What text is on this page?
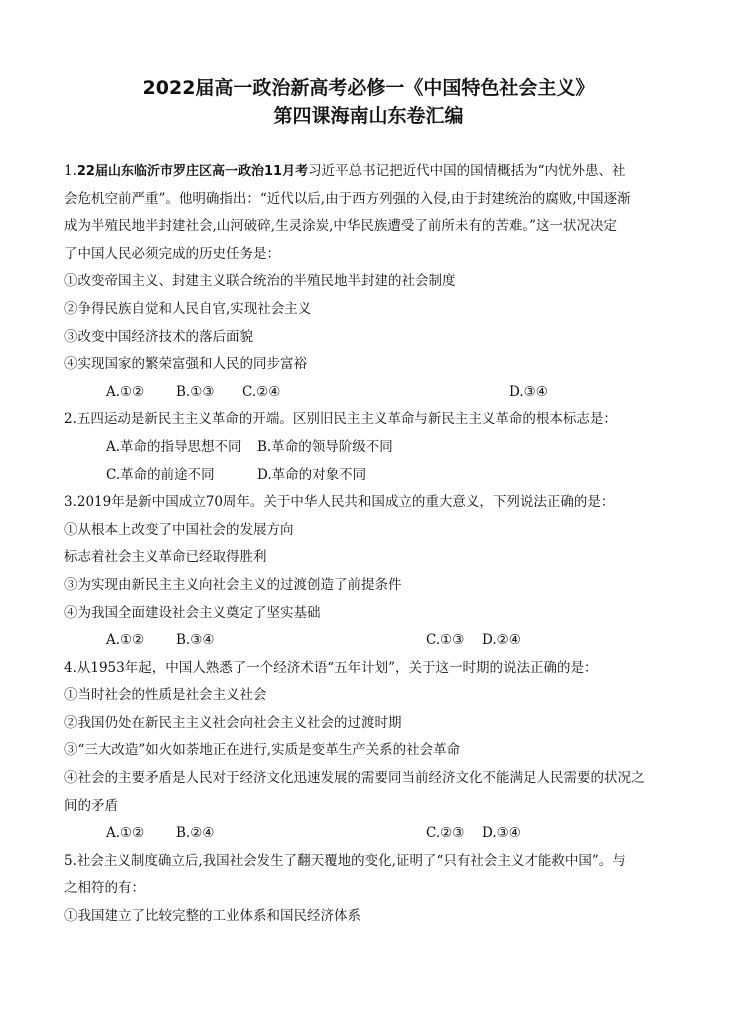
2022届高一政治新高考必修一《中国特色社会主义》

第四课海南山东卷汇编

1.22届山东临沂市罗庄区高一政治11月考习近平总书记把近代中国的国情概括为“内忧外患、社

会危机空前严重”。他明确指出：“近代以后,由于西方列强的入侵,由于封建统治的腐败,中国逐渐

成为半殖民地半封建社会,山河破碎,生灵涂炭,中华民族遭受了前所未有的苦难。”这一状况决定

了中国人民必须完成的历史任务是：

①改变帝国主义、封建主义联合统治的半殖民地半封建的社会制度

②争得民族自觉和人民自官,实现社会主义

③改变中国经济技术的落后面貌

④实现国家的繁荣富强和人民的同步富裕

A.①② B.①③ C.②④	D.③④

2.五四运动是新民主主义革命的开端。区别旧民主主义革命与新民主主义革命的根本标志是：

A.革命的指导思想不同 B.革命的领导阶级不同
C.革命的前途不同	D.革命的对象不同

3.2019年是新中国成立70周年。关于中华人民共和国成立的重大意义，下列说法正确的是：

①从根本上改变了中国社会的发展方向

标志着社会主义革命已经取得胜利

③为实现由新民主主义向社会主义的过渡创造了前提条件

④为我国全面建设社会主义奠定了坚实基础

A.①② B.③④	C.①③ D.②④

4.从1953年起，中国人熟悉了一个经济术语“五年计划”，关于这一时期的说法正确的是：

①当时社会的性质是社会主义社会

②我国仍处在新民主主义社会向社会主义社会的过渡时期

③“三大改造”如火如荼地正在进行,实质是变革生产关系的社会革命

④社会的主要矛盾是人民对于经济文化迅速发展的需要同当前经济文化不能满足人民需要的状况之

间的矛盾

A.①② B.②④	C.②③ D.③④

5.社会主义制度确立后,我国社会发生了翻天覆地的变化,证明了“只有社会主义才能救中国”。与

之相符的有：

①我国建立了比较完整的工业体系和国民经济体系
